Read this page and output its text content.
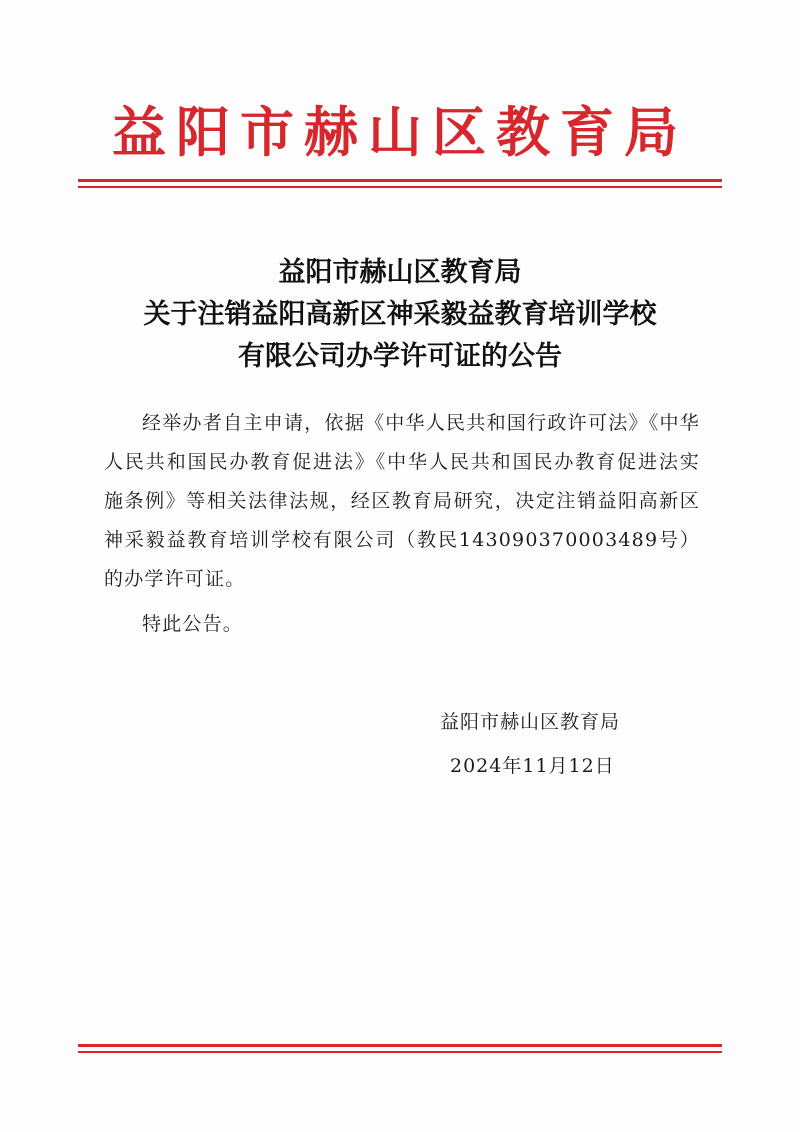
益阳市赫山区教育局
益阳市赫山区教育局
关于注销益阳高新区神采毅益教育培训学校
有限公司办学许可证的公告

经举办者自主申请，依据《中华人民共和国行政许可法》《中华人民共和国民办教育促进法》《中华人民共和国民办教育促进法实施条例》等相关法律法规，经区教育局研究，决定注销益阳高新区神采毅益教育培训学校有限公司（教民143090370003489号）的办学许可证。

特此公告。

益阳市赫山区教育局
2024年11月12日
